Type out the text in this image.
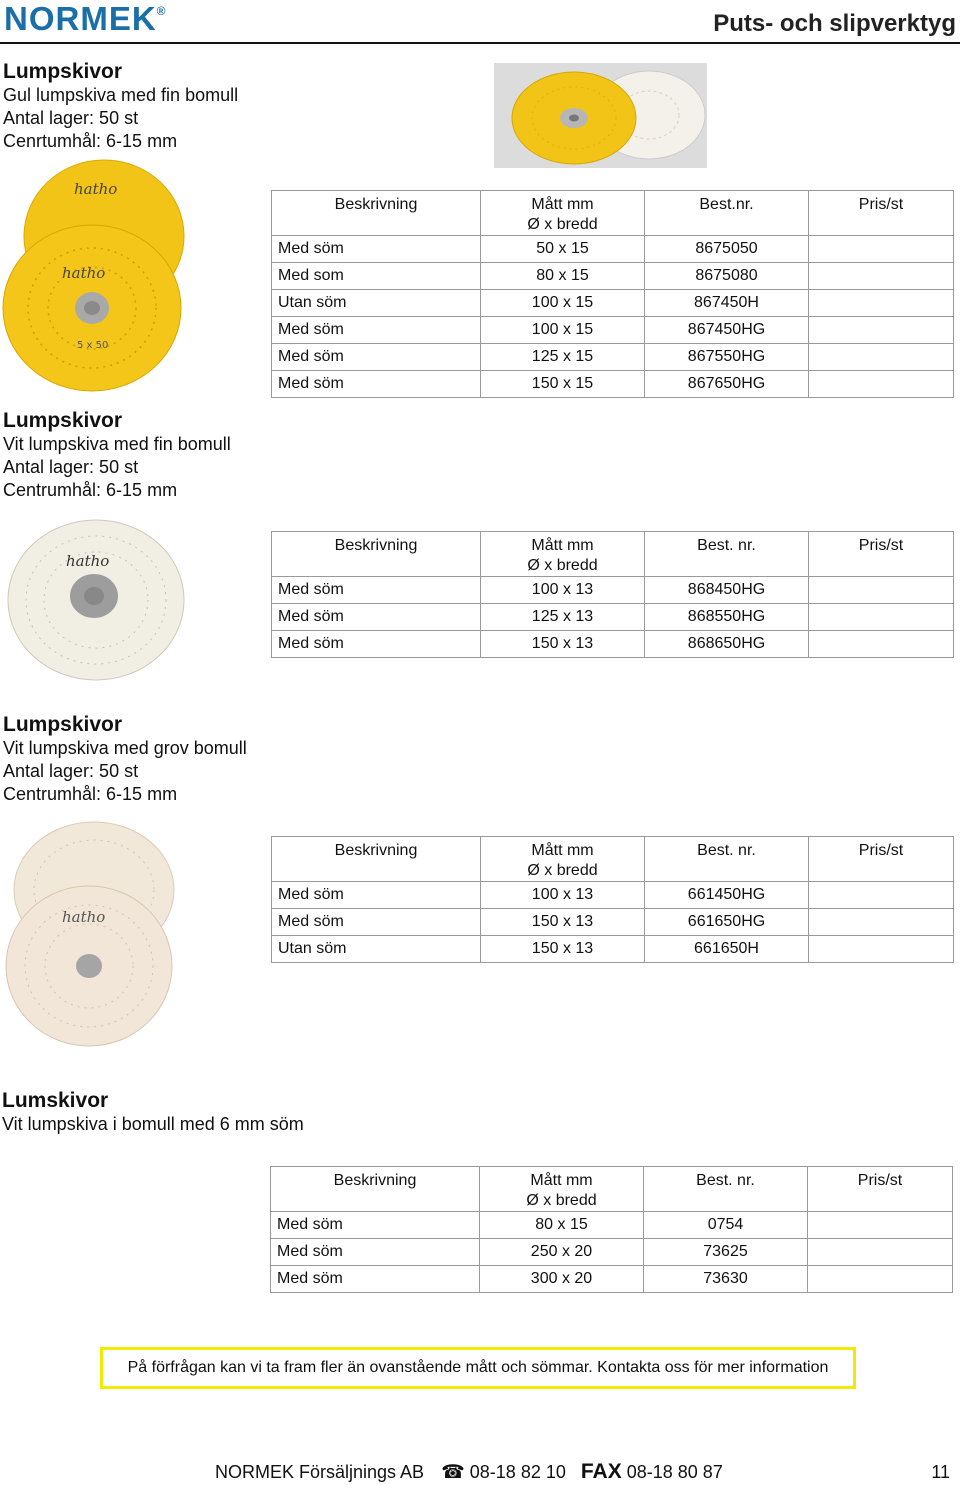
NORMEK®	Puts- och slipverktyg
Lumpskivor
Gul lumpskiva med fin bomull
Antal lager: 50 st
Cenrtumhål: 6-15 mm
hatho
hatho
5 x 50
Beskrivning	Mått mm
Ø x bredd	Best.nr.	Pris/st
Med söm	50 x 15	8675050	
Med som	80 x 15	8675080	
Utan söm	100 x 15	867450H	
Med söm	100 x 15	867450HG	
Med söm	125 x 15	867550HG	
Med söm	150 x 15	867650HG	
Lumpskivor
Vit lumpskiva med fin bomull
Antal lager: 50 st
Centrumhål: 6-15 mm
hatho
Beskrivning	Mått mm
Ø x bredd	Best. nr.	Pris/st
Med söm	100 x 13	868450HG	
Med söm	125 x 13	868550HG	
Med söm	150 x 13	868650HG	
Lumpskivor
Vit lumpskiva med grov bomull
Antal lager: 50 st
Centrumhål: 6-15 mm
hatho
Beskrivning	Mått mm
Ø x bredd	Best. nr.	Pris/st
Med söm	100 x 13	661450HG	
Med söm	150 x 13	661650HG	
Utan söm	150 x 13	661650H	
Lumskivor
Vit lumpskiva i bomull med 6 mm söm
Beskrivning	Mått mm
Ø x bredd	Best. nr.	Pris/st
Med söm	80 x 15	0754	
Med söm	250 x 20	73625	
Med söm	300 x 20	73630	
På förfrågan kan vi ta fram fler än ovanstående mått och sömmar. Kontakta oss för mer information
NORMEK Försäljnings AB ☎ 08-18 82 10 FAX 08-18 80 87	11
